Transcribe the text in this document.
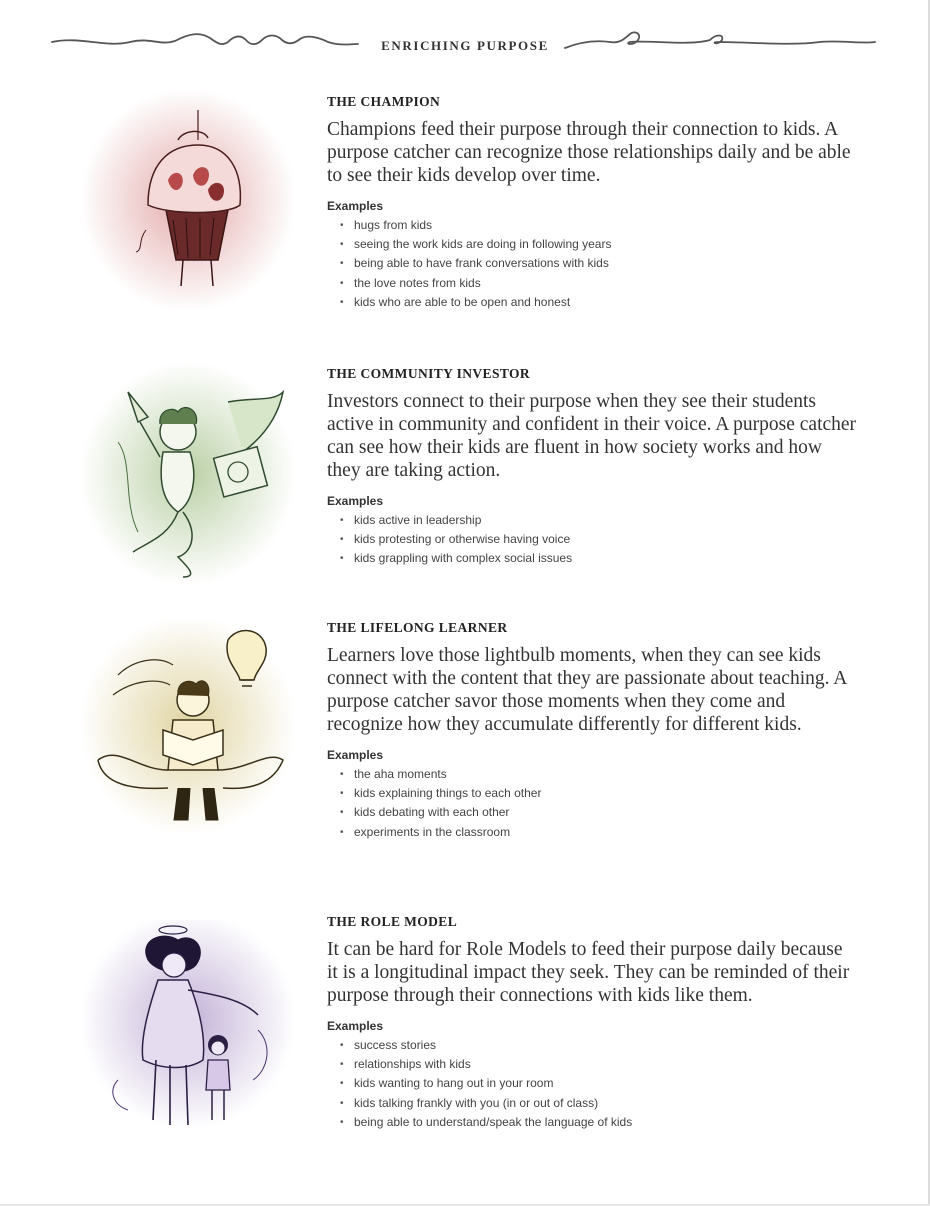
ENRICHING PURPOSE
THE CHAMPION
Champions feed their purpose through their connection to kids. A purpose catcher can recognize those relationships daily and be able to see their kids develop over time.
Examples
• hugs from kids
• seeing the work kids are doing in following years
• being able to have frank conversations with kids
• the love notes from kids
• kids who are able to be open and honest
THE COMMUNITY INVESTOR
Investors connect to their purpose when they see their students active in community and confident in their voice. A purpose catcher can see how their kids are fluent in how society works and how they are taking action.
Examples
• kids active in leadership
• kids protesting or otherwise having voice
• kids grappling with complex social issues
THE LIFELONG LEARNER
Learners love those lightbulb moments, when they can see kids connect with the content that they are passionate about teaching. A purpose catcher savor those moments when they come and recognize how they accumulate differently for different kids.
Examples
• the aha moments
• kids explaining things to each other
• kids debating with each other
• experiments in the classroom
THE ROLE MODEL
It can be hard for Role Models to feed their purpose daily because it is a longitudinal impact they seek. They can be reminded of their purpose through their connections with kids like them.
Examples
• success stories
• relationships with kids
• kids wanting to hang out in your room
• kids talking frankly with you (in or out of class)
• being able to understand/speak the language of kids
